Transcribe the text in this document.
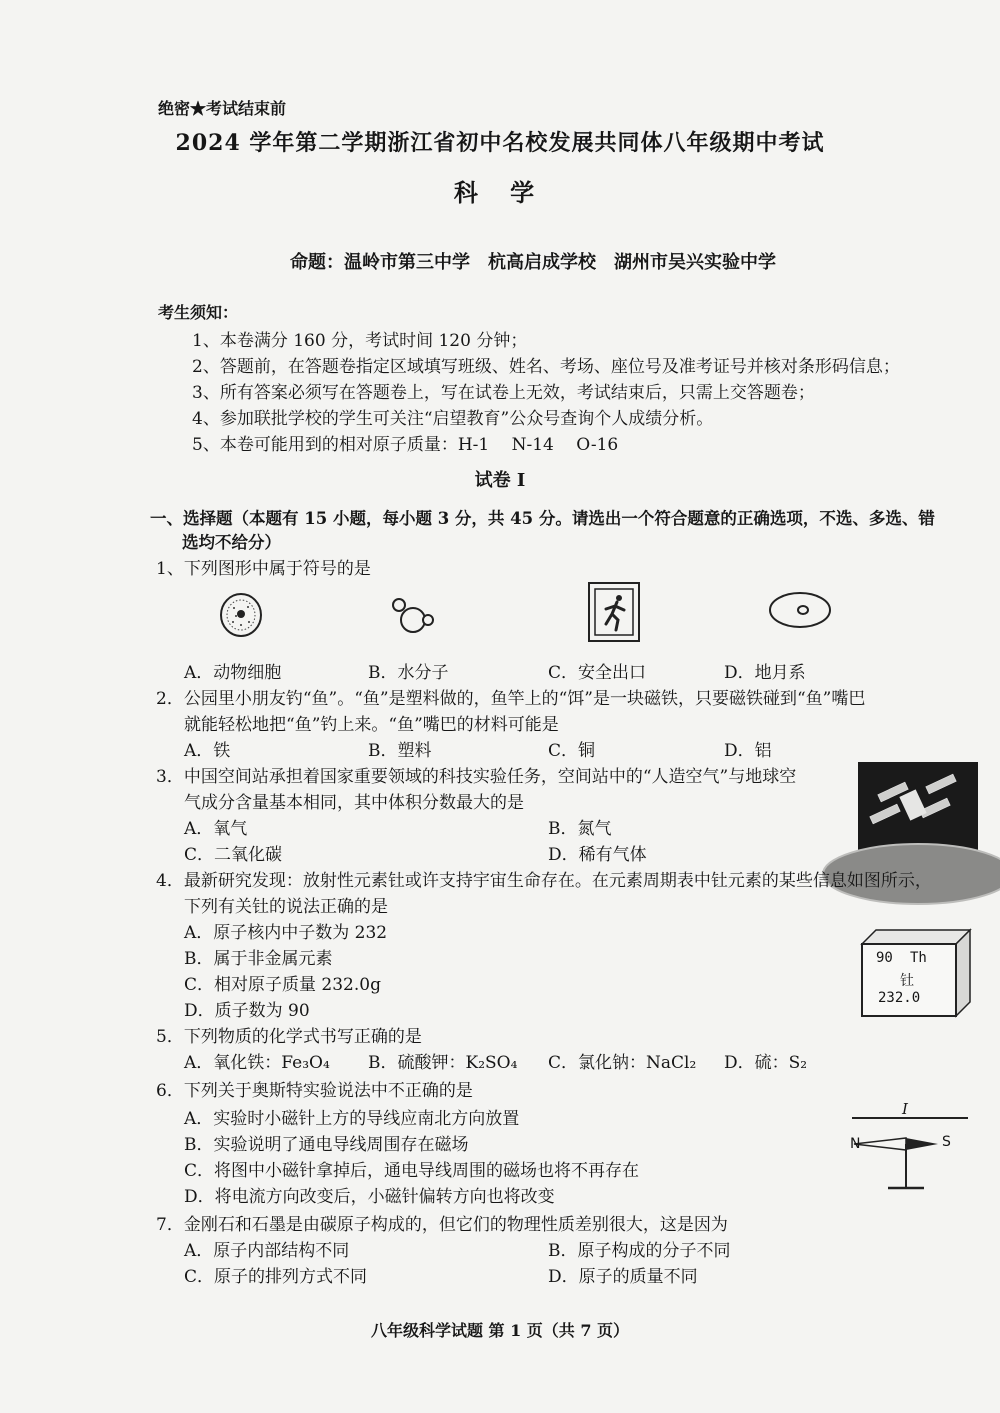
绝密★考试结束前
2024 学年第二学期浙江省初中名校发展共同体八年级期中考试
科 学
命题：温岭市第三中学　杭高启成学校　湖州市吴兴实验中学
考生须知：
1、本卷满分 160 分，考试时间 120 分钟；
2、答题前，在答题卷指定区域填写班级、姓名、考场、座位号及准考证号并核对条形码信息；
3、所有答案必须写在答题卷上，写在试卷上无效，考试结束后，只需上交答题卷；
4、参加联批学校的学生可关注“启望教育”公众号查询个人成绩分析。
5、本卷可能用到的相对原子质量：H-1　 N-14　 O-16
试卷 I
一、选择题（本题有 15 小题，每小题 3 分，共 45 分。请选出一个符合题意的正确选项，不选、多选、错
选均不给分）
1、下列图形中属于符号的是
A．动物细胞	B．水分子	C．安全出口	D．地月系
2．公园里小朋友钓“鱼”。“鱼”是塑料做的，鱼竿上的“饵”是一块磁铁，只要磁铁碰到“鱼”嘴巴
就能轻松地把“鱼”钓上来。“鱼”嘴巴的材料可能是
A．铁	B．塑料	C．铜	D．铝
3．中国空间站承担着国家重要领域的科技实验任务，空间站中的“人造空气”与地球空
气成分含量基本相同，其中体积分数最大的是
A．氧气	B．氮气
C．二氧化碳	D．稀有气体
4．最新研究发现：放射性元素钍或许支持宇宙生命存在。在元素周期表中钍元素的某些信息如图所示，
下列有关钍的说法正确的是
A．原子核内中子数为 232
B．属于非金属元素
C．相对原子质量 232.0g
D．质子数为 90
90 Th
钍
232.0
5．下列物质的化学式书写正确的是
A．氧化铁：Fe₃O₄ B．硫酸钾：K₂SO₄ C．氯化钠：NaCl₂ D．硫：S₂
6．下列关于奥斯特实验说法中不正确的是
A．实验时小磁针上方的导线应南北方向放置
B．实验说明了通电导线周围存在磁场
C．将图中小磁针拿掉后，通电导线周围的磁场也将不再存在
D．将电流方向改变后，小磁针偏转方向也将改变
I
N	S
7．金刚石和石墨是由碳原子构成的，但它们的物理性质差别很大，这是因为
A．原子内部结构不同	B．原子构成的分子不同
C．原子的排列方式不同	D．原子的质量不同
八年级科学试题 第 1 页（共 7 页）
